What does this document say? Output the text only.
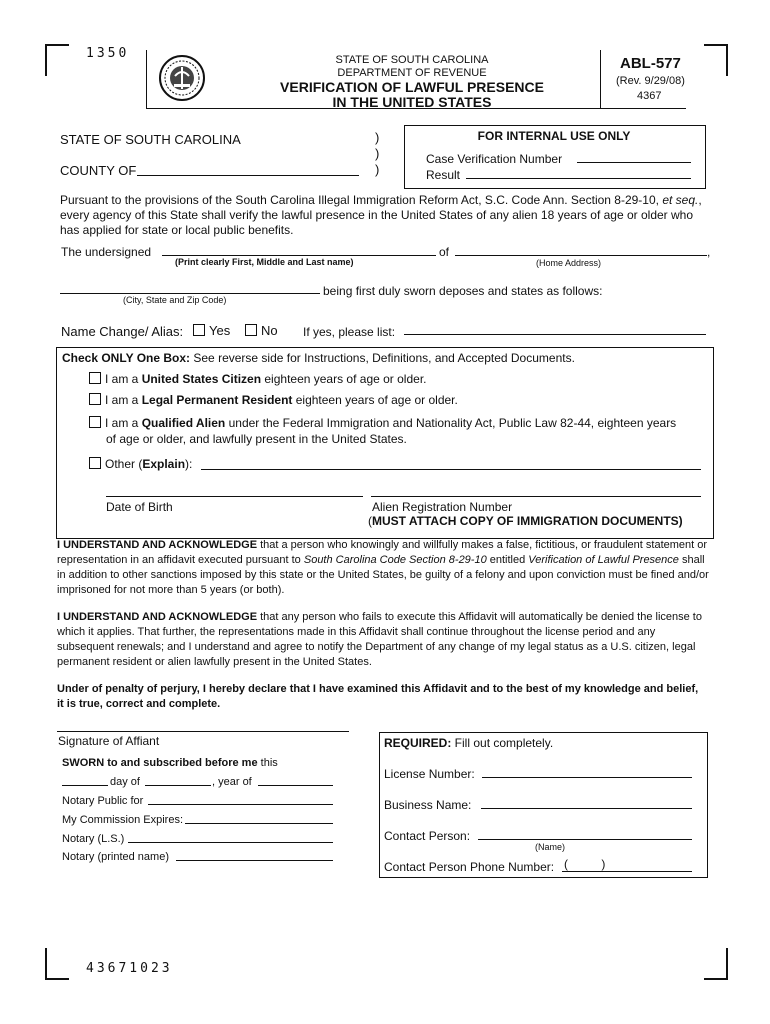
1350
43671023
STATE OF SOUTH CAROLINA
DEPARTMENT OF REVENUE
VERIFICATION OF LAWFUL PRESENCE
IN THE UNITED STATES
ABL-577
(Rev. 9/29/08)
4367
STATE OF SOUTH CAROLINA
COUNTY OF
)
)
)
FOR INTERNAL USE ONLY
Case Verification Number
Result
Pursuant to the provisions of the South Carolina Illegal Immigration Reform Act, S.C. Code Ann. Section 8-29-10, et seq., every agency of this State shall verify the lawful presence in the United States of any alien 18 years of age or older who has applied for state or local public benefits.
The undersigned	of	,
(Print clearly First, Middle and Last name)	(Home Address)
(City, State and Zip Code)
being first duly sworn deposes and states as follows:
Name Change/ Alias:	Yes	No If yes, please list:
Check ONLY One Box: See reverse side for Instructions, Definitions, and Accepted Documents.
I am a United States Citizen eighteen years of age or older.
I am a Legal Permanent Resident eighteen years of age or older.
I am a Qualified Alien under the Federal Immigration and Nationality Act, Public Law 82-44, eighteen years
of age or older, and lawfully present in the United States.
Other (Explain):
Date of Birth	Alien Registration Number
(MUST ATTACH COPY OF IMMIGRATION DOCUMENTS)
I UNDERSTAND AND ACKNOWLEDGE that a person who knowingly and willfully makes a false, fictitious, or fraudulent statement or representation in an affidavit executed pursuant to South Carolina Code Section 8-29-10 entitled Verification of Lawful Presence shall in addition to other sanctions imposed by this state or the United States, be guilty of a felony and upon conviction must be fined and/or imprisoned for not more than 5 years (or both).
I UNDERSTAND AND ACKNOWLEDGE that any person who fails to execute this Affidavit will automatically be denied the license to which it applies. That further, the representations made in this Affidavit shall continue throughout the license period and any subsequent renewals; and I understand and agree to notify the Department of any change of my legal status as a U.S. citizen, legal permanent resident or alien lawfully present in the United States.
Under of penalty of perjury, I hereby declare that I have examined this Affidavit and to the best of my knowledge and belief, it is true, correct and complete.
Signature of Affiant
SWORN to and subscribed before me this
day of	, year of
Notary Public for
My Commission Expires:
Notary (L.S.)
Notary (printed name)
REQUIRED: Fill out completely.
License Number:
Business Name:
Contact Person:
(Name)
Contact Person Phone Number: (          )
